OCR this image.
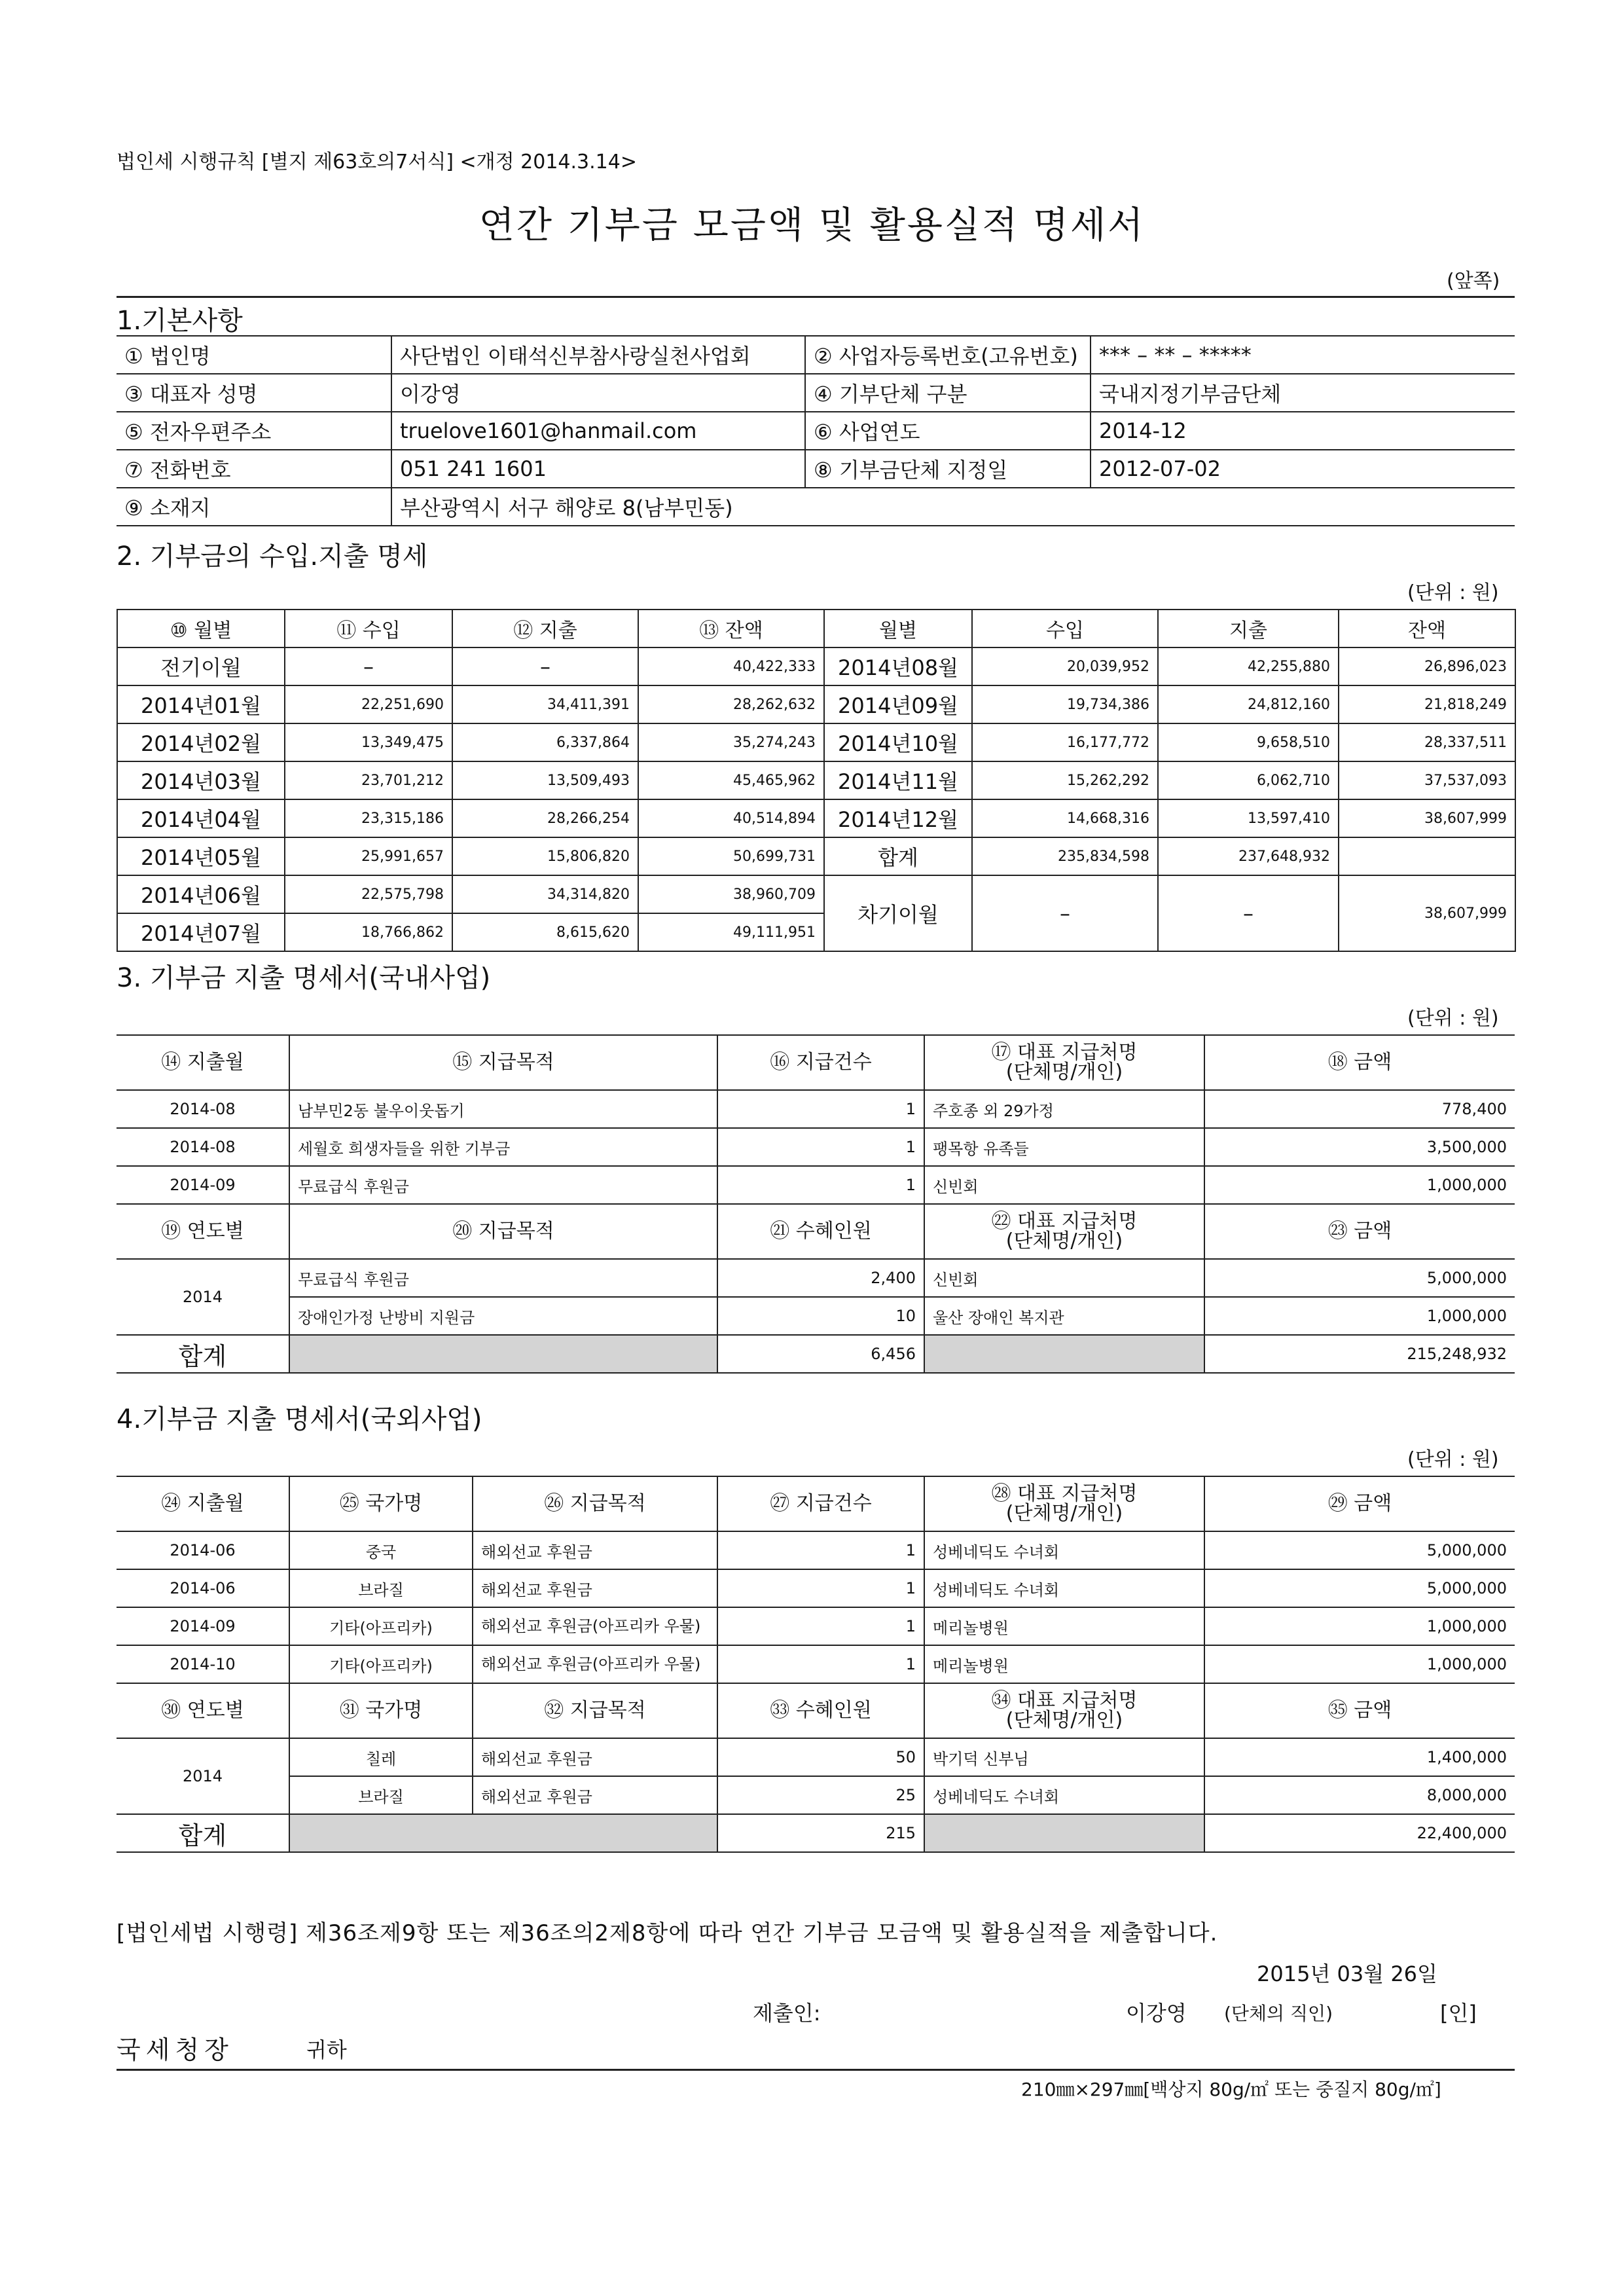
법인세 시행규칙 [별지 제63호의7서식] <개정 2014.3.14>
연간 기부금 모금액 및 활용실적 명세서
(앞쪽)
1.기본사항
① 법인명	사단법인 이태석신부참사랑실천사업회	② 사업자등록번호(고유번호)	*** – ** – *****
③ 대표자 성명	이강영	④ 기부단체 구분	국내지정기부금단체
⑤ 전자우편주소	truelove1601@hanmail.com	⑥ 사업연도	2014-12
⑦ 전화번호	051 241 1601	⑧ 기부금단체 지정일	2012-07-02
⑨ 소재지	부산광역시 서구 해양로 8(남부민동)		
2. 기부금의 수입.지출 명세
(단위 : 원)
⑩ 월별	⑪ 수입	⑫ 지출	⑬ 잔액	월별	수입	지출	잔액
전기이월	–	–	40,422,333	2014년08월	20,039,952	42,255,880	26,896,023
2014년01월	22,251,690	34,411,391	28,262,632	2014년09월	19,734,386	24,812,160	21,818,249
2014년02월	13,349,475	6,337,864	35,274,243	2014년10월	16,177,772	9,658,510	28,337,511
2014년03월	23,701,212	13,509,493	45,465,962	2014년11월	15,262,292	6,062,710	37,537,093
2014년04월	23,315,186	28,266,254	40,514,894	2014년12월	14,668,316	13,597,410	38,607,999
2014년05월	25,991,657	15,806,820	50,699,731	합계	235,834,598	237,648,932	
2014년06월	22,575,798	34,314,820	38,960,709	차기이월	–	–	38,607,999
2014년07월	18,766,862	8,615,620	49,111,951				
3. 기부금 지출 명세서(국내사업)
(단위 : 원)
⑭ 지출월	⑮ 지급목적	⑯ 지급건수	⑰ 대표 지급처명
(단체명/개인)	⑱ 금액
2014-08	남부민2동 불우이웃돕기	1	주호종 외 29가정	778,400
2014-08	세월호 희생자들을 위한 기부금	1	팽목항 유족들	3,500,000
2014-09	무료급식 후원금	1	신빈회	1,000,000
⑲ 연도별	⑳ 지급목적	㉑ 수혜인원	㉒ 대표 지급처명
(단체명/개인)	㉓ 금액
2014	무료급식 후원금	2,400	신빈회	5,000,000
	장애인가정 난방비 지원금	10	울산 장애인 복지관	1,000,000
합계		6,456		215,248,932
4.기부금 지출 명세서(국외사업)
(단위 : 원)
㉔ 지출월	㉕ 국가명	㉖ 지급목적	㉗ 지급건수	㉘ 대표 지급처명
(단체명/개인)	㉙ 금액
2014-06	중국	해외선교 후원금	1	성베네딕도 수녀회	5,000,000
2014-06	브라질	해외선교 후원금	1	성베네딕도 수녀회	5,000,000
2014-09	기타(아프리카)	해외선교 후원금(아프리카 우물)	1	메리놀병원	1,000,000
2014-10	기타(아프리카)	해외선교 후원금(아프리카 우물)	1	메리놀병원	1,000,000
㉚ 연도별	㉛ 국가명	㉜ 지급목적	㉝ 수혜인원	㉞ 대표 지급처명
(단체명/개인)	㉟ 금액
2014	칠레	해외선교 후원금	50	박기덕 신부님	1,400,000
	브라질	해외선교 후원금	25	성베네딕도 수녀회	8,000,000
합계			215		22,400,000
[법인세법 시행령] 제36조제9항 또는 제36조의2제8항에 따라 연간 기부금 모금액 및 활용실적을 제출합니다.
2015년 03월 26일
제출인:	이강영 (단체의 직인)	[인]
국세청장	귀하
210㎜×297㎜[백상지 80g/㎡ 또는 중질지 80g/㎡]
